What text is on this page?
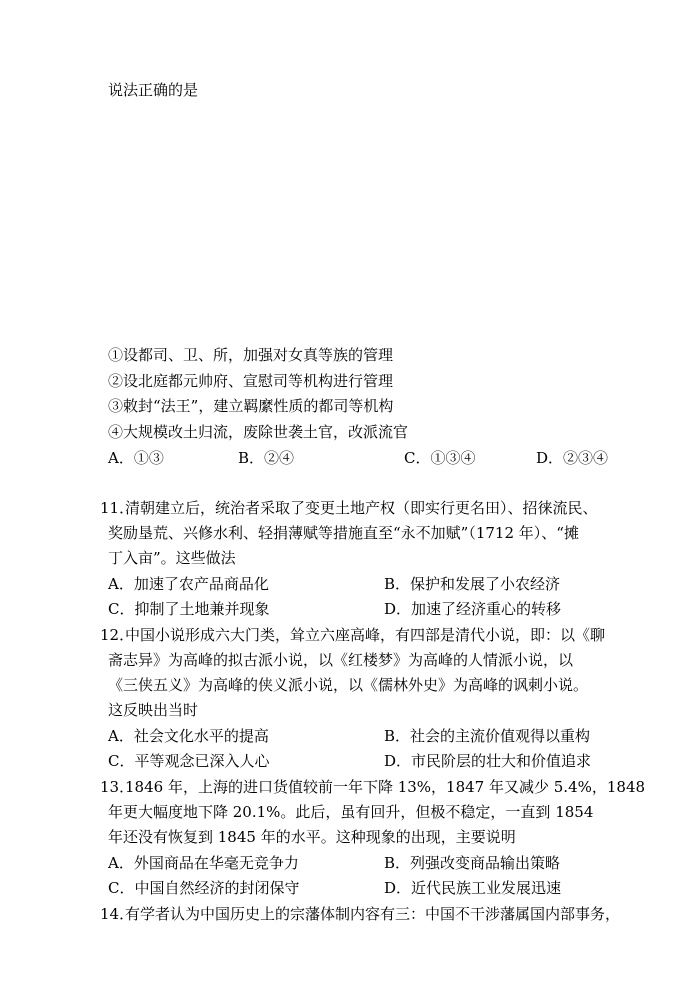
说法正确的是
①设都司、卫、所，加强对女真等族的管理
②设北庭都元帅府、宣慰司等机构进行管理
③敕封“法王”，建立羁縻性质的都司等机构
④大规模改土归流，废除世袭土官，改派流官
A．①③	B．②④	C．①③④	D．②③④
11．
清朝建立后，统治者采取了变更土地产权（即实行更名田）、招徕流民、
奖励垦荒、兴修水利、轻捐薄赋等措施直至“永不加赋”（1712 年）、“摊
丁入亩”。这些做法
A．加速了农产品商品化	B．保护和发展了小农经济
C．抑制了土地兼并现象	D．加速了经济重心的转移
12．
中国小说形成六大门类，耸立六座高峰，有四部是清代小说，即：以《聊
斋志异》为高峰的拟古派小说，以《红楼梦》为高峰的人情派小说，以
《三侠五义》为高峰的侠义派小说，以《儒林外史》为高峰的讽刺小说。
这反映出当时
A．社会文化水平的提高	B．社会的主流价值观得以重构
C．平等观念已深入人心	D．市民阶层的壮大和价值追求
13．
1846 年，上海的进口货值较前一年下降 13%，1847 年又减少 5.4%，1848
年更大幅度地下降 20.1%。此后，虽有回升，但极不稳定，一直到 1854
年还没有恢复到 1845 年的水平。这种现象的出现，主要说明
A．外国商品在华毫无竞争力	B．列强改变商品输出策略
C．中国自然经济的封闭保守	D．近代民族工业发展迅速
14．
有学者认为中国历史上的宗藩体制内容有三：中国不干涉藩属国内部事务，
